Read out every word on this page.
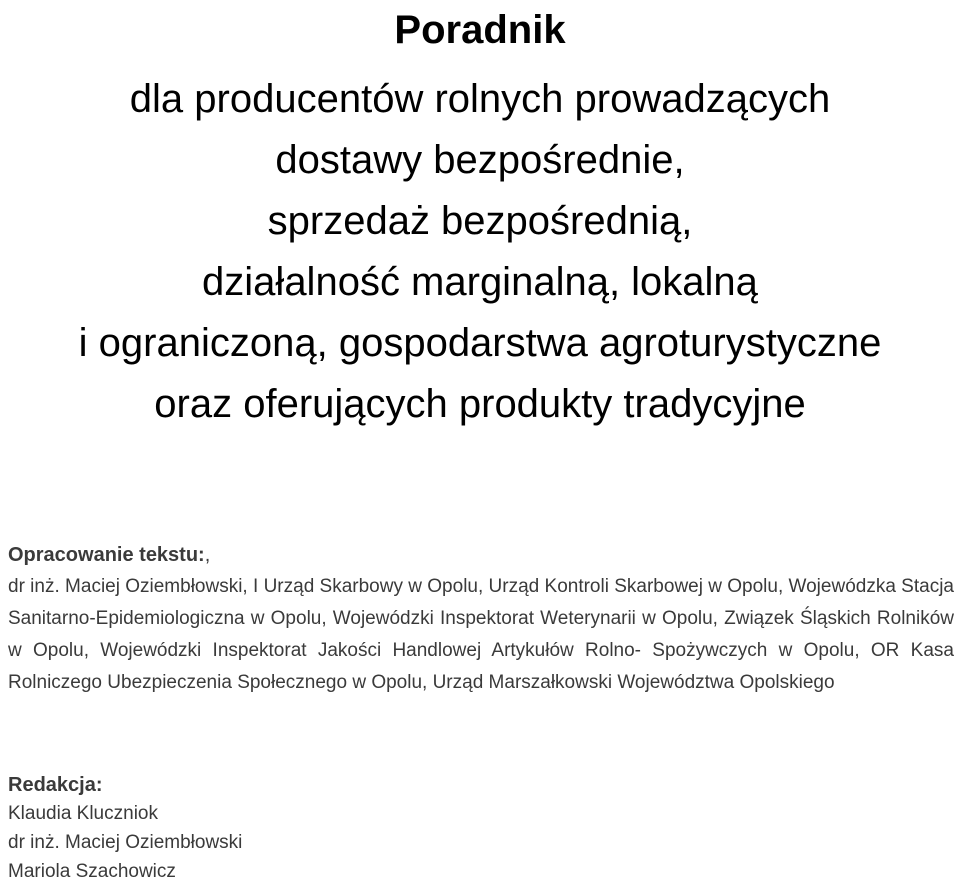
Poradnik
dla producentów rolnych prowadzących
dostawy bezpośrednie,
sprzedaż bezpośrednią,
działalność marginalną, lokalną
i ograniczoną, gospodarstwa agroturystyczne
oraz oferujących produkty tradycyjne
Opracowanie tekstu:,
dr inż. Maciej Oziembłowski, I Urząd Skarbowy w Opolu, Urząd Kontroli Skarbowej w Opolu, Wojewódzka Stacja Sanitarno-Epidemiologiczna w Opolu, Wojewódzki Inspektorat Weterynarii w Opolu, Związek Śląskich Rolników w Opolu, Wojewódzki Inspektorat Jakości Handlowej Artykułów Rolno- Spożywczych w Opolu, OR Kasa Rolniczego Ubezpieczenia Społecznego w Opolu, Urząd Marszałkowski Województwa Opolskiego
Redakcja:
Klaudia Kluczniok
dr inż. Maciej Oziembłowski
Mariola Szachowicz
